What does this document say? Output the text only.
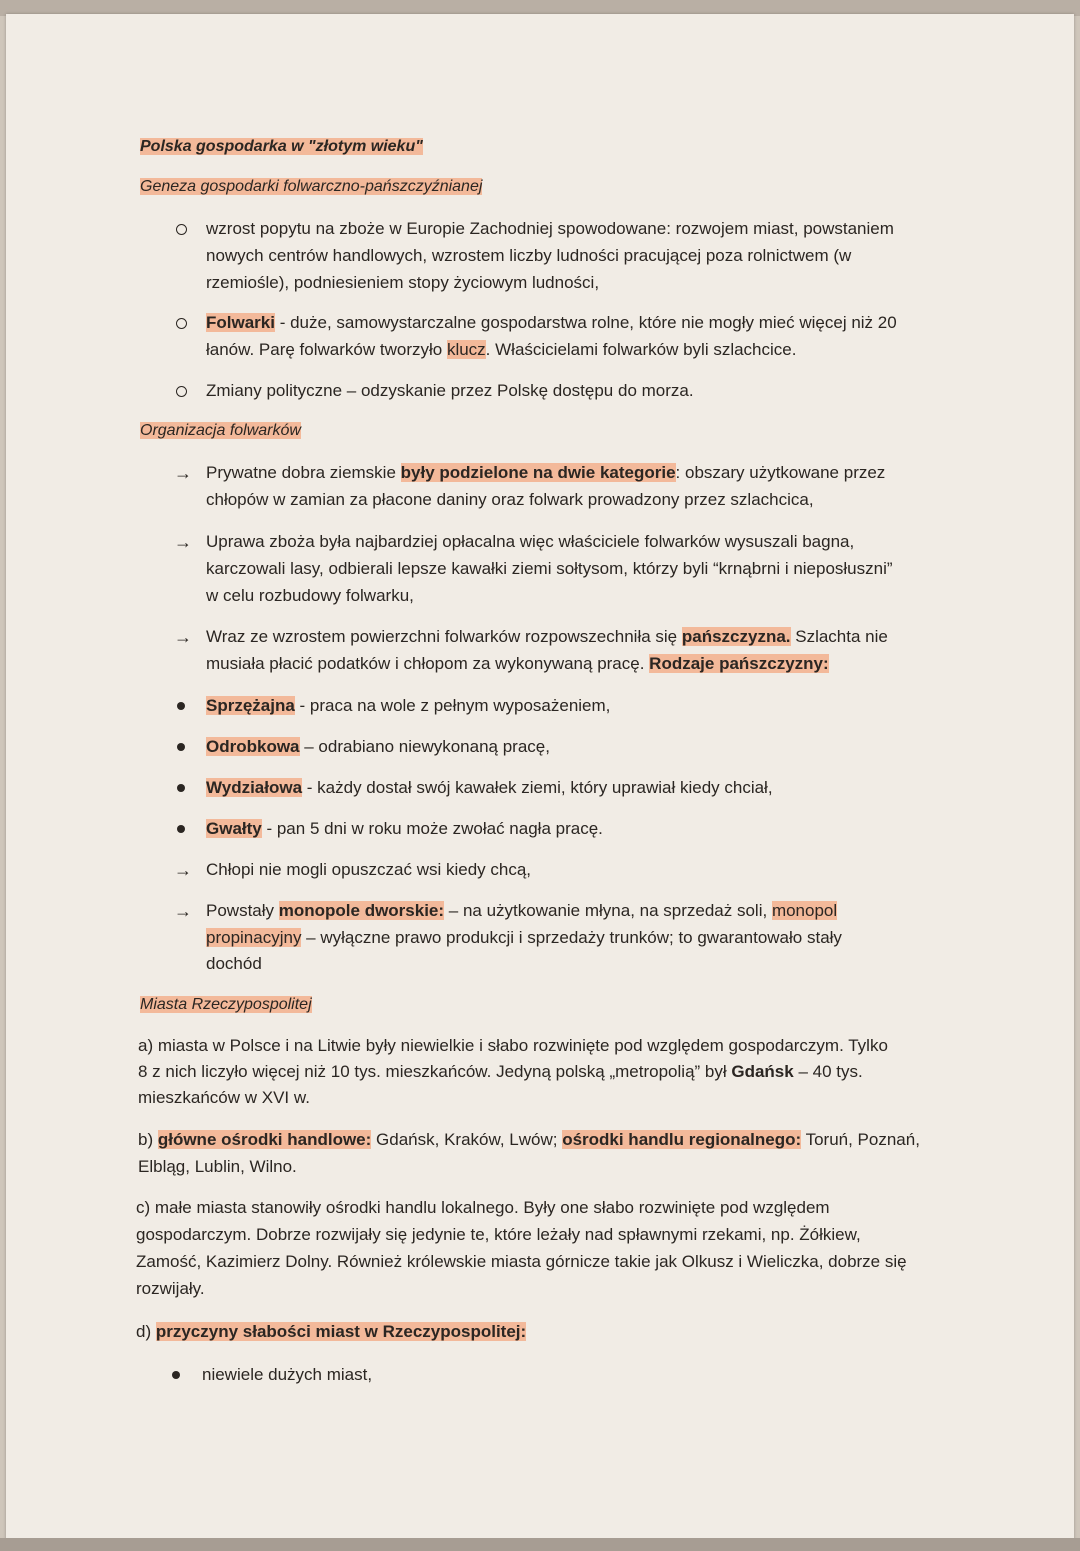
Polska gospodarka w "złotym wieku"
Geneza gospodarki folwarczno-pańszczyźnianej
wzrost popytu na zboże w Europie Zachodniej spowodowane: rozwojem miast, powstaniem
nowych centrów handlowych, wzrostem liczby ludności pracującej poza rolnictwem (w
rzemiośle), podniesieniem stopy życiowym ludności,
Folwarki - duże, samowystarczalne gospodarstwa rolne, które nie mogły mieć więcej niż 20
łanów. Parę folwarków tworzyło klucz. Właścicielami folwarków byli szlachcice.
Zmiany polityczne – odzyskanie przez Polskę dostępu do morza.
Organizacja folwarków
→ Prywatne dobra ziemskie były podzielone na dwie kategorie: obszary użytkowane przez
chłopów w zamian za płacone daniny oraz folwark prowadzony przez szlachcica,
→ Uprawa zboża była najbardziej opłacalna więc właściciele folwarków wysuszali bagna,
karczowali lasy, odbierali lepsze kawałki ziemi sołtysom, którzy byli “krnąbrni i nieposłuszni”
w celu rozbudowy folwarku,
→ Wraz ze wzrostem powierzchni folwarków rozpowszechniła się pańszczyzna. Szlachta nie
musiała płacić podatków i chłopom za wykonywaną pracę. Rodzaje pańszczyzny:
Sprzężajna - praca na wole z pełnym wyposażeniem,
Odrobkowa – odrabiano niewykonaną pracę,
Wydziałowa - każdy dostał swój kawałek ziemi, który uprawiał kiedy chciał,
Gwałty - pan 5 dni w roku może zwołać nagła pracę.
→ Chłopi nie mogli opuszczać wsi kiedy chcą,
→ Powstały monopole dworskie: – na użytkowanie młyna, na sprzedaż soli, monopol
propinacyjny – wyłączne prawo produkcji i sprzedaży trunków; to gwarantowało stały
dochód
Miasta Rzeczypospolitej
a) miasta w Polsce i na Litwie były niewielkie i słabo rozwinięte pod względem gospodarczym. Tylko
8 z nich liczyło więcej niż 10 tys. mieszkańców. Jedyną polską „metropolią” był Gdańsk – 40 tys.
mieszkańców w XVI w.
b) główne ośrodki handlowe: Gdańsk, Kraków, Lwów; ośrodki handlu regionalnego: Toruń, Poznań,
Elbląg, Lublin, Wilno.
c) małe miasta stanowiły ośrodki handlu lokalnego. Były one słabo rozwinięte pod względem
gospodarczym. Dobrze rozwijały się jedynie te, które leżały nad spławnymi rzekami, np. Żółkiew,
Zamość, Kazimierz Dolny. Również królewskie miasta górnicze takie jak Olkusz i Wieliczka, dobrze się
rozwijały.
d) przyczyny słabości miast w Rzeczypospolitej:
niewiele dużych miast,
